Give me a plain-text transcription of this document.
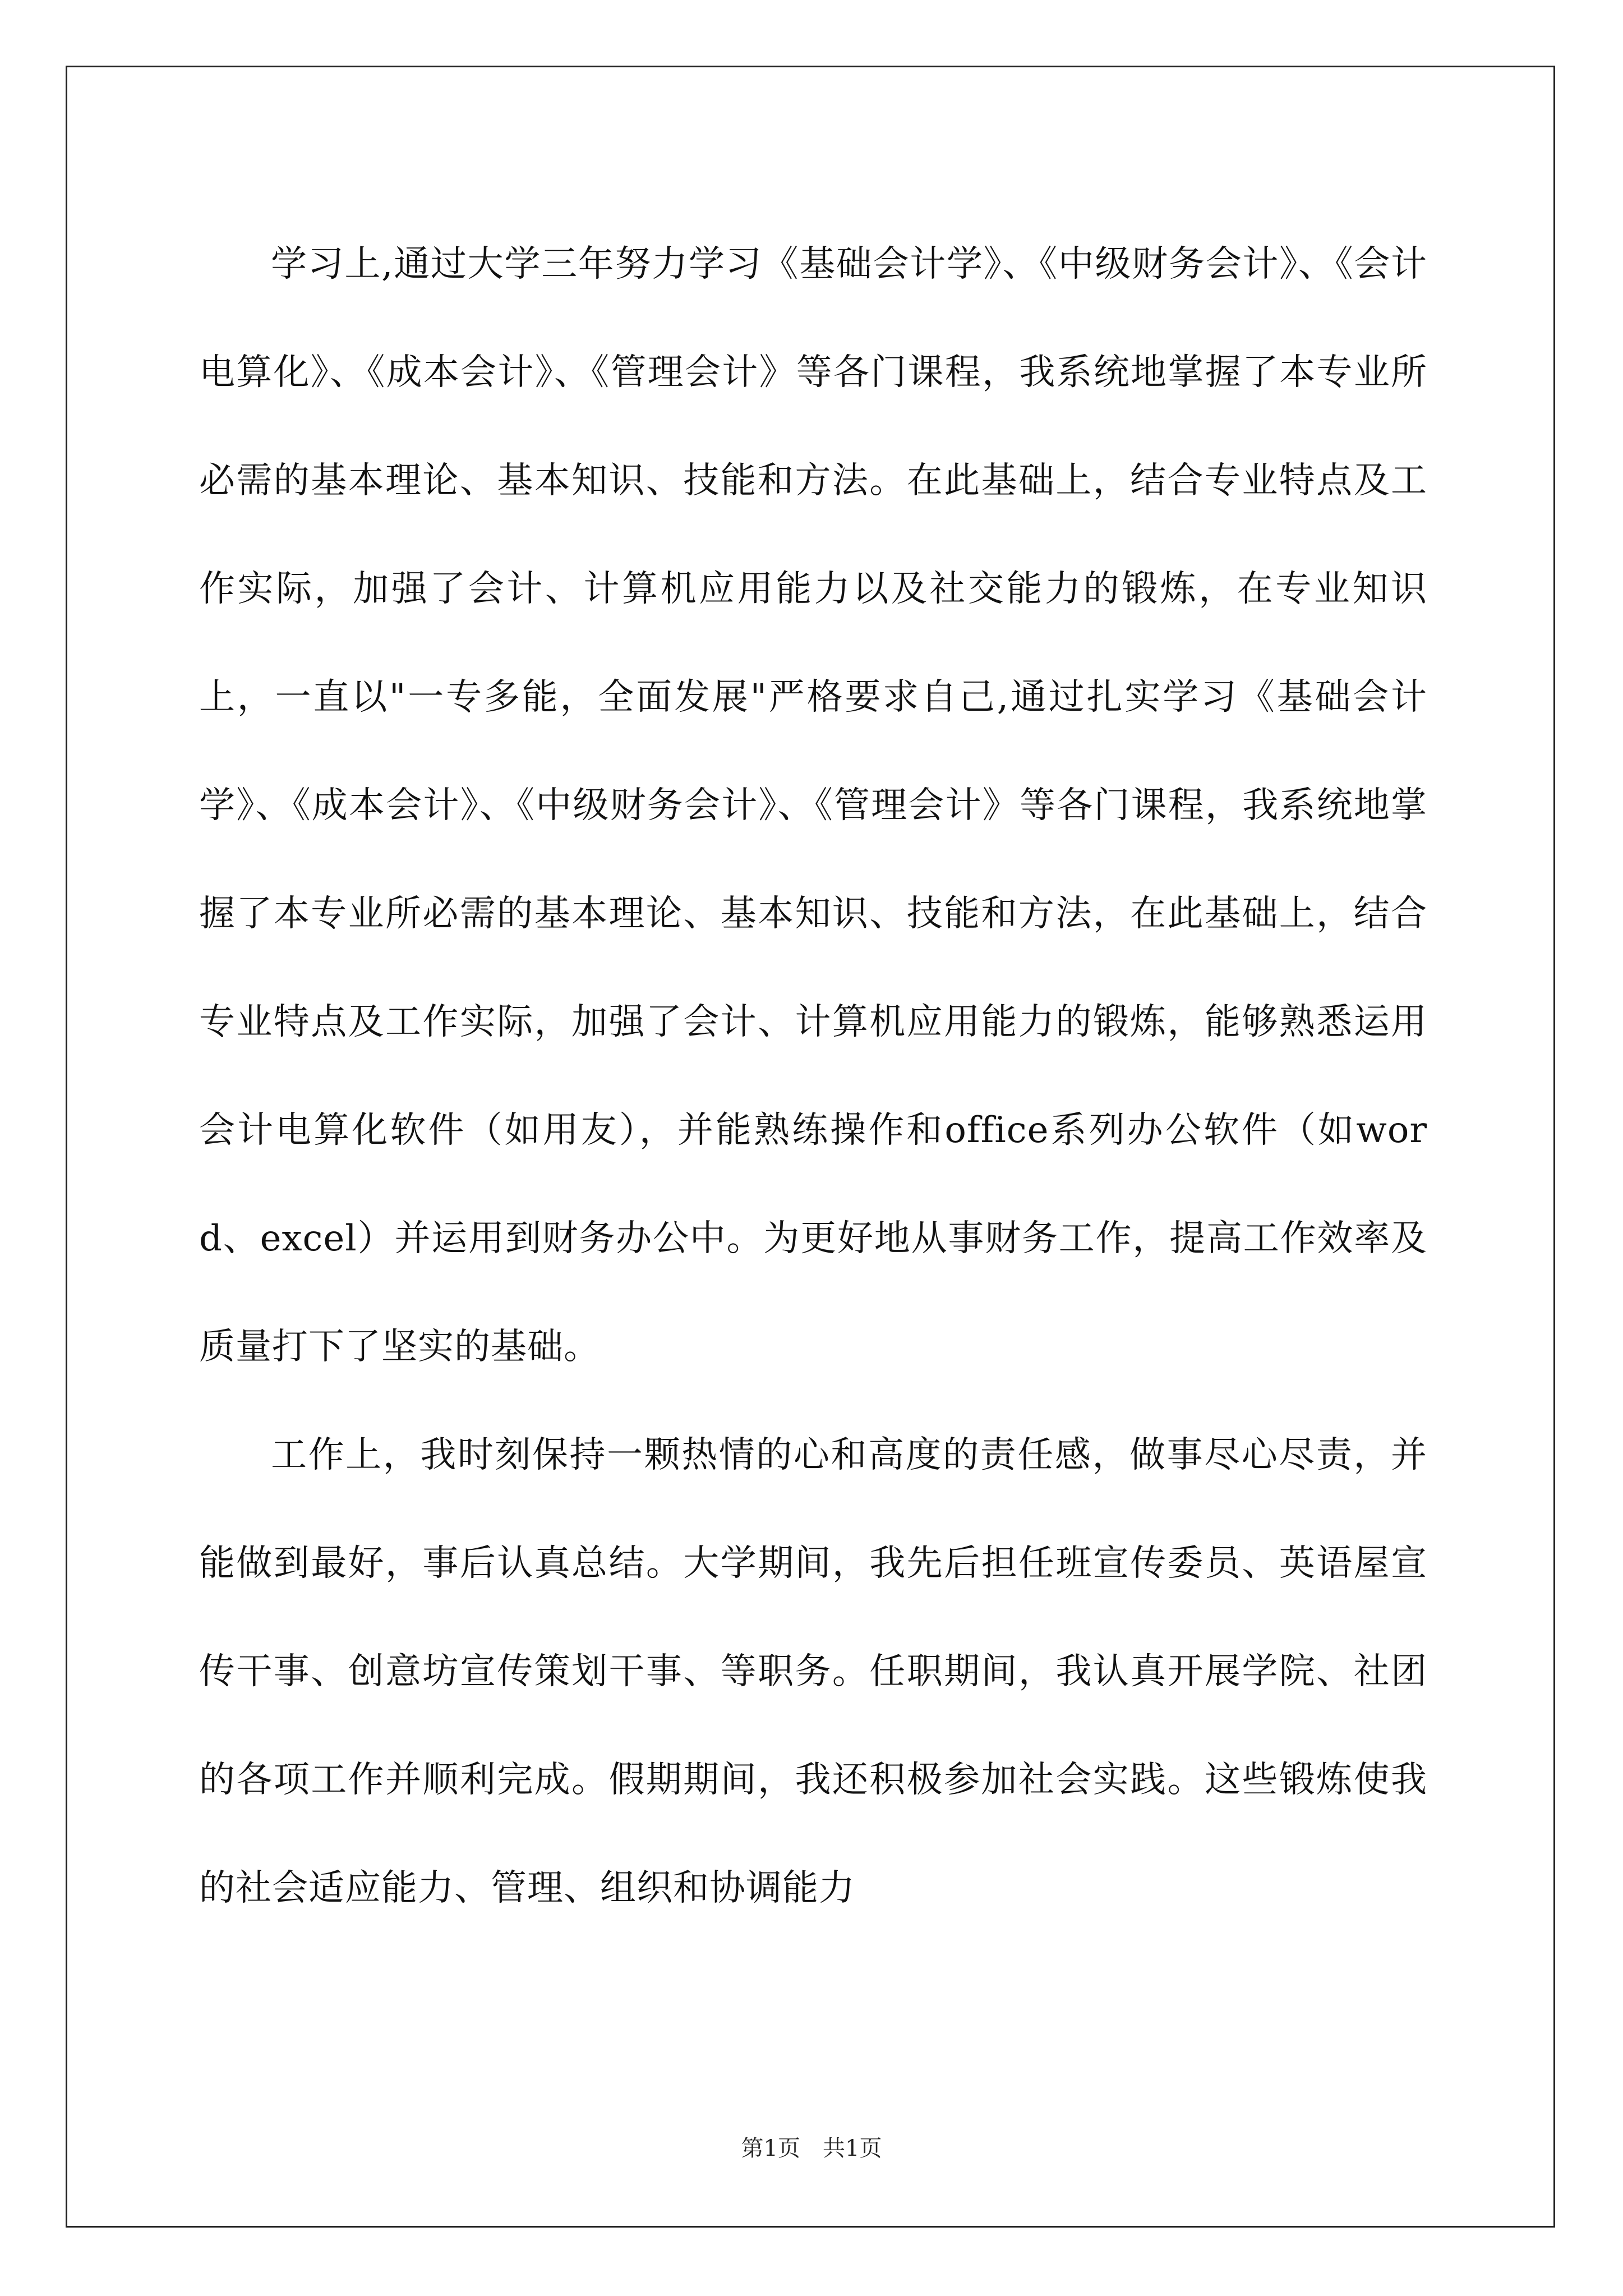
学习上,通过大学三年努力学习《基础会计学》、《中级财务会计》、《会计电算化》、《成本会计》、《管理会计》等各门课程，我系统地掌握了本专业所必需的基本理论、基本知识、技能和方法。在此基础上，结合专业特点及工作实际，加强了会计、计算机应用能力以及社交能力的锻炼，在专业知识上，一直以"一专多能，全面发展"严格要求自己,通过扎实学习《基础会计学》、《成本会计》、《中级财务会计》、《管理会计》等各门课程，我系统地掌握了本专业所必需的基本理论、基本知识、技能和方法，在此基础上，结合专业特点及工作实际，加强了会计、计算机应用能力的锻炼，能够熟悉运用会计电算化软件（如用友），并能熟练操作和office系列办公软件（如word、excel）并运用到财务办公中。为更好地从事财务工作，提高工作效率及质量打下了坚实的基础。

工作上，我时刻保持一颗热情的心和高度的责任感，做事尽心尽责，并能做到最好，事后认真总结。大学期间，我先后担任班宣传委员、英语屋宣传干事、创意坊宣传策划干事、等职务。任职期间，我认真开展学院、社团的各项工作并顺利完成。假期期间，我还积极参加社会实践。这些锻炼使我的社会适应能力、管理、组织和协调能力

第1页　共1页
